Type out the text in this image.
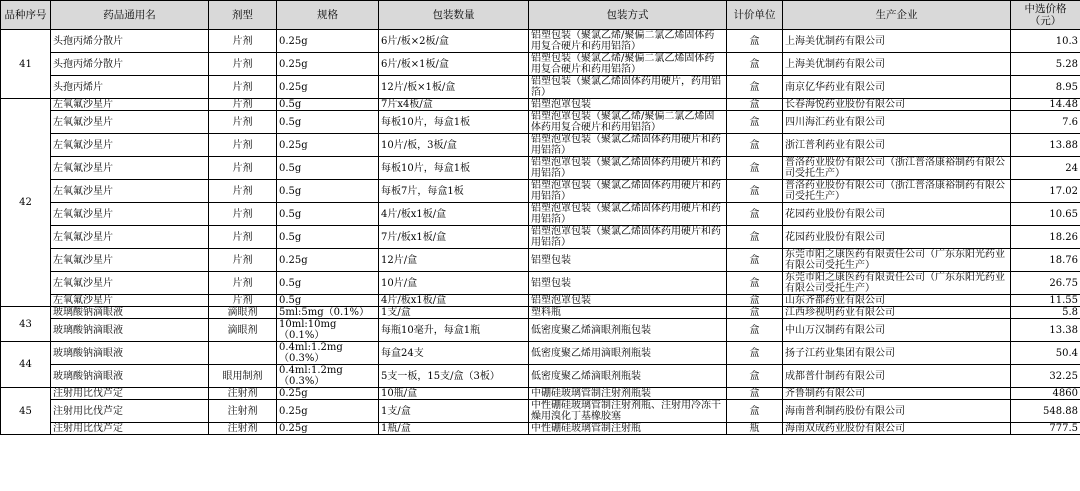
品种序号	药品通用名	剂型	规格	包装数量	包装方式	计价单位	生产企业	中选价格
（元）
41	头孢丙烯分散片	片剂	0.25g	6片/板×2板/盒	铝塑包装（聚氯乙烯/聚偏二氯乙烯固体药用复合硬片和药用铝箔）	盒	上海美优制药有限公司	10.3
	头孢丙烯分散片	片剂	0.25g	6片/板×1板/盒	铝塑包装（聚氯乙烯/聚偏二氯乙烯固体药用复合硬片和药用铝箔）	盒	上海美优制药有限公司	5.28
	头孢丙烯片	片剂	0.25g	12片/板×1板/盒	铝塑包装（聚氯乙烯固体药用硬片，药用铝箔）	盒	南京亿华药业有限公司	8.95
42	左氧氟沙星片	片剂	0.5g	7片x4板/盒	铝塑泡罩包装	盒	长春海悦药业股份有限公司	14.48
	左氧氟沙星片	片剂	0.5g	每板10片，每盒1板	铝塑泡罩包装（聚氯乙烯/聚偏二氯乙烯固体药用复合硬片和药用铝箔）	盒	四川海汇药业有限公司	7.6
	左氧氟沙星片	片剂	0.25g	10片/板，3板/盒	铝塑泡罩包装（聚氯乙烯固体药用硬片和药用铝箔）	盒	浙江普利药业有限公司	13.88
	左氧氟沙星片	片剂	0.5g	每板10片，每盒1板	铝塑泡罩包装（聚氯乙烯固体药用硬片和药用铝箔）	盒	普洛药业股份有限公司（浙江普洛康裕制药有限公司受托生产）	24
	左氧氟沙星片	片剂	0.5g	每板7片，每盒1板	铝塑泡罩包装（聚氯乙烯固体药用硬片和药用铝箔）	盒	普洛药业股份有限公司（浙江普洛康裕制药有限公司受托生产）	17.02
	左氧氟沙星片	片剂	0.5g	4片/板x1板/盒	铝塑泡罩包装（聚氯乙烯固体药用硬片和药用铝箔）	盒	花园药业股份有限公司	10.65
	左氧氟沙星片	片剂	0.5g	7片/板x1板/盒	铝塑泡罩包装（聚氯乙烯固体药用硬片和药用铝箔）	盒	花园药业股份有限公司	18.26
	左氧氟沙星片	片剂	0.25g	12片/盒	铝塑包装	盒	东莞市阳之康医药有限责任公司（广东东阳光药业有限公司受托生产）	18.76
	左氧氟沙星片	片剂	0.5g	10片/盒	铝塑包装	盒	东莞市阳之康医药有限责任公司（广东东阳光药业有限公司受托生产）	26.75
	左氧氟沙星片	片剂	0.5g	4片/板x1板/盒	铝塑泡罩包装	盒	山东齐都药业有限公司	11.55
43	玻璃酸钠滴眼液	滴眼剂	5ml:5mg（0.1%）	1支/盒	塑料瓶	盒	江西珍视明药业有限公司	5.8
	玻璃酸钠滴眼液	滴眼剂	10ml:10mg（0.1%）	每瓶10毫升，每盒1瓶	低密度聚乙烯滴眼剂瓶包装	盒	中山万汉制药有限公司	13.38
44	玻璃酸钠滴眼液		0.4ml:1.2mg（0.3%）	每盒24支	低密度聚乙烯用滴眼剂瓶装	盒	扬子江药业集团有限公司	50.4
	玻璃酸钠滴眼液	眼用制剂	0.4ml:1.2mg（0.3%）	5支一板，15支/盒（3板）	低密度聚乙烯滴眼剂瓶装	盒	成都普什制药有限公司	32.25
45	注射用比伐芦定	注射剂	0.25g	10瓶/盒	中硼硅玻璃管制注射剂瓶装	盒	齐鲁制药有限公司	4860
	注射用比伐芦定	注射剂	0.25g	1支/盒	中性硼硅玻璃管制注射剂瓶、注射用冷冻干燥用溴化丁基橡胶塞	盒	海南普利制药股份有限公司	548.88
	注射用比伐芦定	注射剂	0.25g	1瓶/盒	中性硼硅玻璃管制注射瓶	瓶	海南双成药业股份有限公司	777.5
